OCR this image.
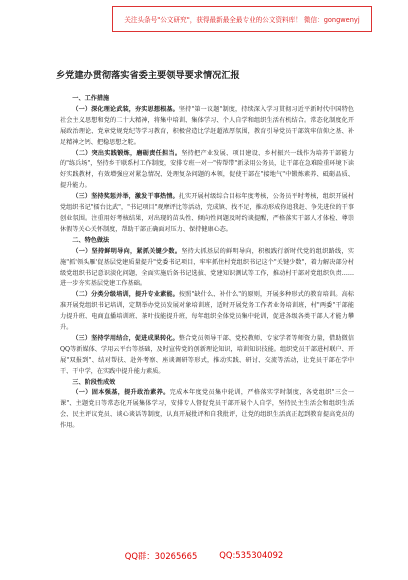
关注头条号"公文研究"，获得最新最全最专业的公文资料库！ 微信：gongwenyj
乡党建办贯彻落实省委主要领导要求情况汇报

一、工作措施

（一）深化理论武装，夯实思想根基。坚持"第一议题"制度，持续深入学习贯彻习近平新时代中国特色社会主义思想和党的二十大精神，将集中培训、集体学习、个人自学和组织生活有机结合。常态化制度化开展政治理论、党章党规党纪等学习教育，积极营造比学赶超浓厚氛围，教育引导党员干部筑牢信仰之基、补足精神之钙、把稳思想之舵。

（二）突出实践锻炼，磨砺责任担当。坚持把产业发展、项目建设、乡村振兴一线作为培养干部能力的"练兵场"，坚持乡干联系村工作制度，安排专班一对一"传帮带"新录用公务员，让干部在急难险重环境下读好实践教材，有效增强应对紧急情况、处理复杂问题的本领，促使干部在"接地气"中锻炼素养、砥砺品质、提升能力。

（三）坚持奖惩并举，激发干事热情。扎实开展村级综合目标年度考核，公务员平时考核，组织开展村党组织书记"擂台比武"，"书记项目"观摩评比等活动，完成镇、找不足，推动形成你追我赶、争先进位的干事创业氛围。注重用好考核结果，对出现的苗头性、倾向性问题及时约谈提醒，严格落实干部人才体检、尊崇休假等关心关怀制度，帮助干部正确面对压力、保持健康心态。

二、特色做法

（一）坚持鲜明导向，紧抓关键少数。坚持大抓基层的鲜明导向，积极践行新时代党的组织路线，实施"抓'领头雁'促基层党建质量提升"党委书记项目，牢牢抓住村党组织书记这个"关键少数"，着力解决部分村级党组织书记意识淡化问题，全面实施后备书记选拔、党建知识测试等工作，推动村干部对党组织负责……进一步夯实基层党建工作基础。

（二）分类分级培训，提升专业素能。按照"缺什么、补什么"的原则，开展多种形式的教育培训。高标准开展党组织书记培训，定期举办党员发展对象培训班，适时开展党务工作者业务培训班，村"两委"干部能力提升班、电商直播培训班、茶叶技能提升班，每年组织全体党员集中轮训，促进各级各类干部人才能力攀升。

（三）坚持学用结合，促进成果转化。整合党员领导干部、党校教师、专家学者等师资力量，借助微信QQ等新媒体、学用云平台等基础，及时宣传党的创新理论知识，培训知识技能。组织党员干部进村联户、开展"双报到"、结对帮扶、赴外考察、座谈调研等形式，推动实践、研讨、交流等活动，让党员干部在学中干、干中学，在实践中提升能力素质。

三、阶段性成效

（一）固本强基，提升政治素养。完成本年度党员集中轮训，严格落实学时制度，各党组织"三会一课"、主题党日等常态化开展集体学习，安排专人督促党员干部开展个人自学，坚持民主生活会和组织生活会、民主评议党员、谈心谈话等制度，认真开展批评和自我批评，让党的组织生活真正起到教育提高党员的作用。

QQ群：30265665	QQ:535304092
